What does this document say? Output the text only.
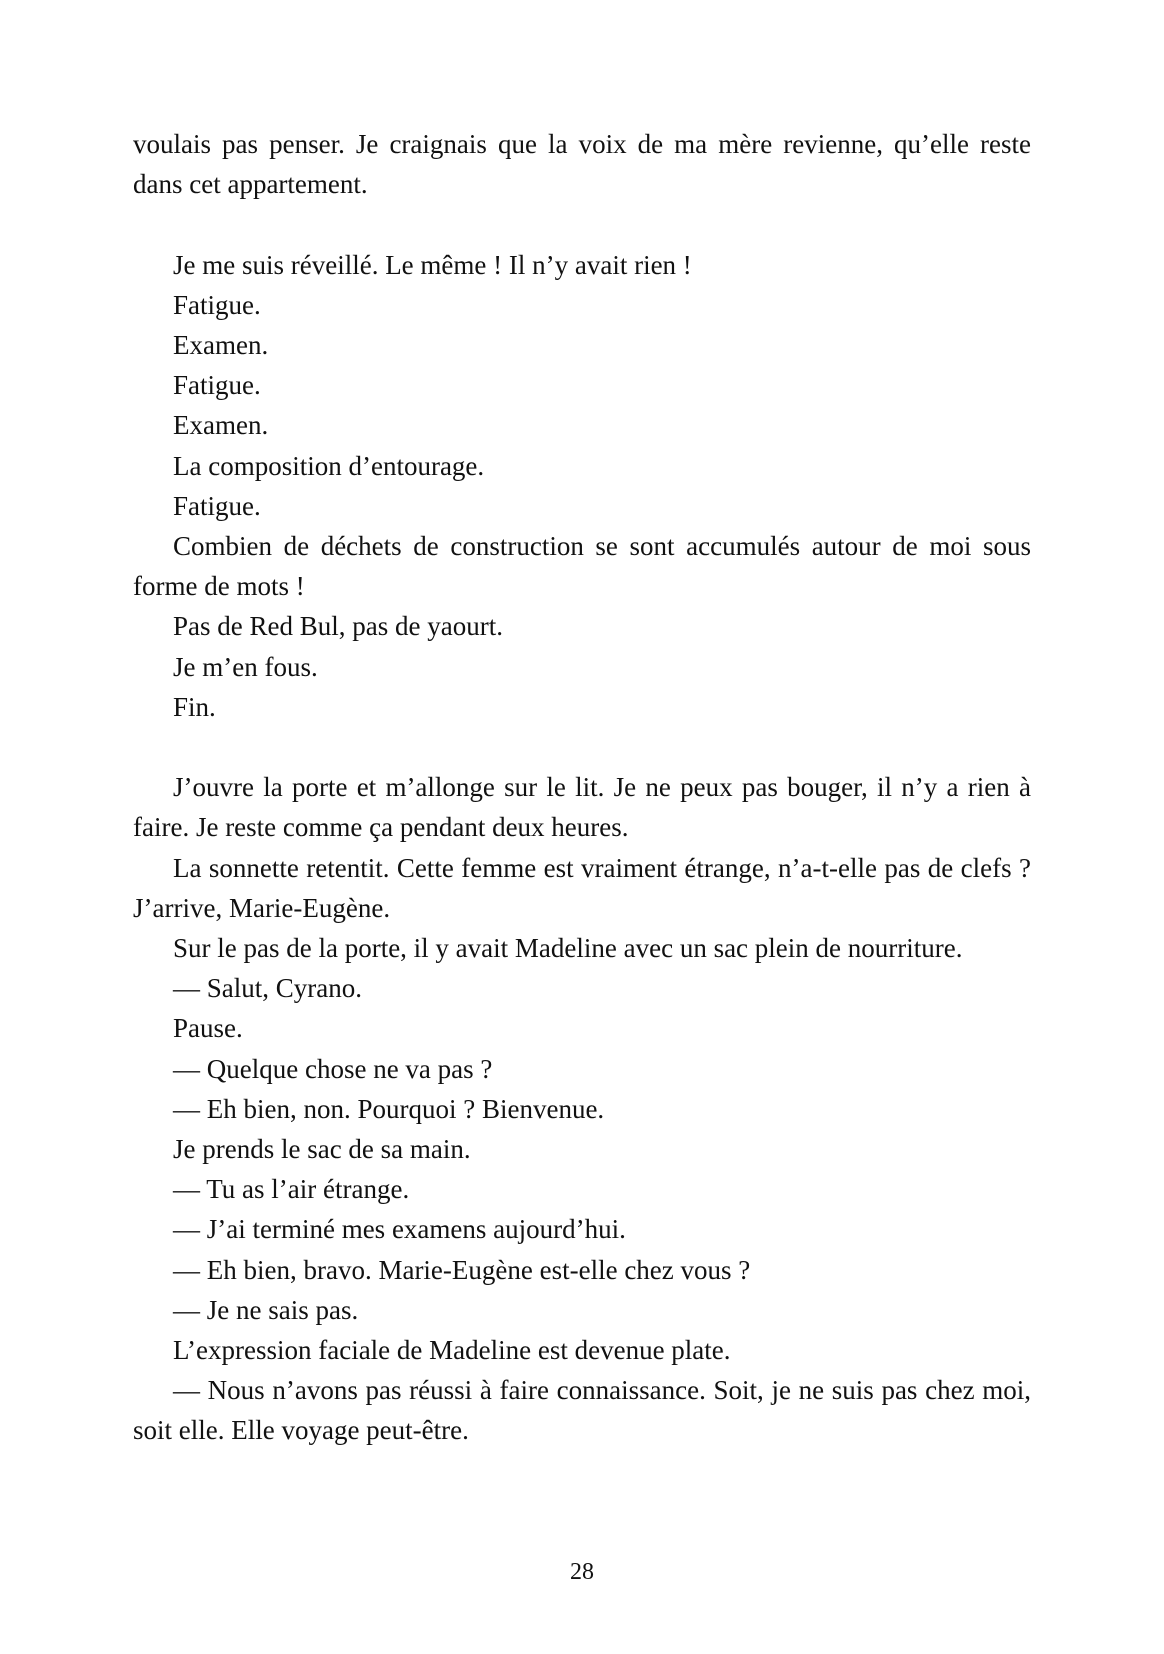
voulais pas penser. Je craignais que la voix de ma mère revienne, qu’elle reste dans cet appartement.

Je me suis réveillé. Le même ! Il n’y avait rien !

Fatigue.

Examen.

Fatigue.

Examen.

La composition d’entourage.

Fatigue.

Combien de déchets de construction se sont accumulés autour de moi sous forme de mots !

Pas de Red Bul, pas de yaourt.

Je m’en fous.

Fin.

J’ouvre la porte et m’allonge sur le lit. Je ne peux pas bouger, il n’y a rien à faire. Je reste comme ça pendant deux heures.

La sonnette retentit. Cette femme est vraiment étrange, n’a-t-elle pas de clefs ? J’arrive, Marie-Eugène.

Sur le pas de la porte, il y avait Madeline avec un sac plein de nourriture.

— Salut, Cyrano.

Pause.

— Quelque chose ne va pas ?

— Eh bien, non. Pourquoi ? Bienvenue.

Je prends le sac de sa main.

— Tu as l’air étrange.

— J’ai terminé mes examens aujourd’hui.

— Eh bien, bravo. Marie-Eugène est-elle chez vous ?

— Je ne sais pas.

L’expression faciale de Madeline est devenue plate.

— Nous n’avons pas réussi à faire connaissance. Soit, je ne suis pas chez moi, soit elle. Elle voyage peut-être.

28
